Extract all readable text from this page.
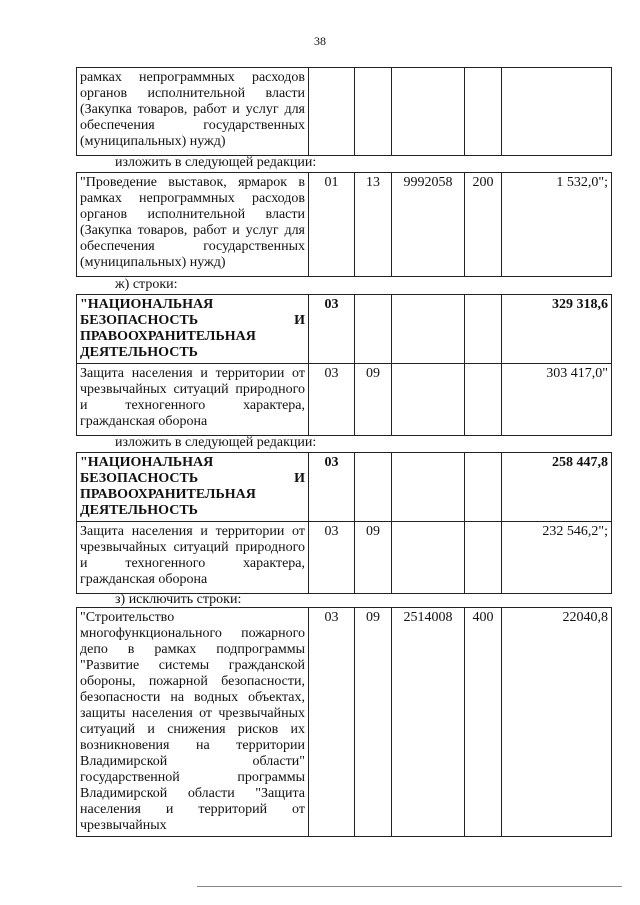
38
рамках непрограммных расходов органов исполнительной власти (Закупка товаров, работ и услуг для обеспечения государственных (муниципальных) нужд)					
изложить в следующей редакции:
"Проведение выставок, ярмарок в рамках непрограммных расходов органов исполнительной власти (Закупка товаров, работ и услуг для обеспечения государственных (муниципальных) нужд)	01	13	9992058	200	1 532,0";
ж) строки:
"НАЦИОНАЛЬНАЯ БЕЗОПАСНОСТЬ И ПРАВООХРАНИТЕЛЬНАЯ ДЕЯТЕЛЬНОСТЬ	03				329 318,6
Защита населения и территории от чрезвычайных ситуаций природного и техногенного характера, гражданская оборона	03	09			303 417,0"
изложить в следующей редакции:
"НАЦИОНАЛЬНАЯ БЕЗОПАСНОСТЬ И ПРАВООХРАНИТЕЛЬНАЯ ДЕЯТЕЛЬНОСТЬ	03				258 447,8
Защита населения и территории от чрезвычайных ситуаций природного и техногенного характера, гражданская оборона	03	09			232 546,2";
з) исключить строки:
"Строительство многофункционального пожарного депо в рамках подпрограммы "Развитие системы гражданской обороны, пожарной безопасности, безопасности на водных объектах, защиты населения от чрезвычайных ситуаций и снижения рисков их возникновения на территории Владимирской области" государственной программы Владимирской области "Защита населения и территорий от чрезвычайных	03	09	2514008	400	22040,8
